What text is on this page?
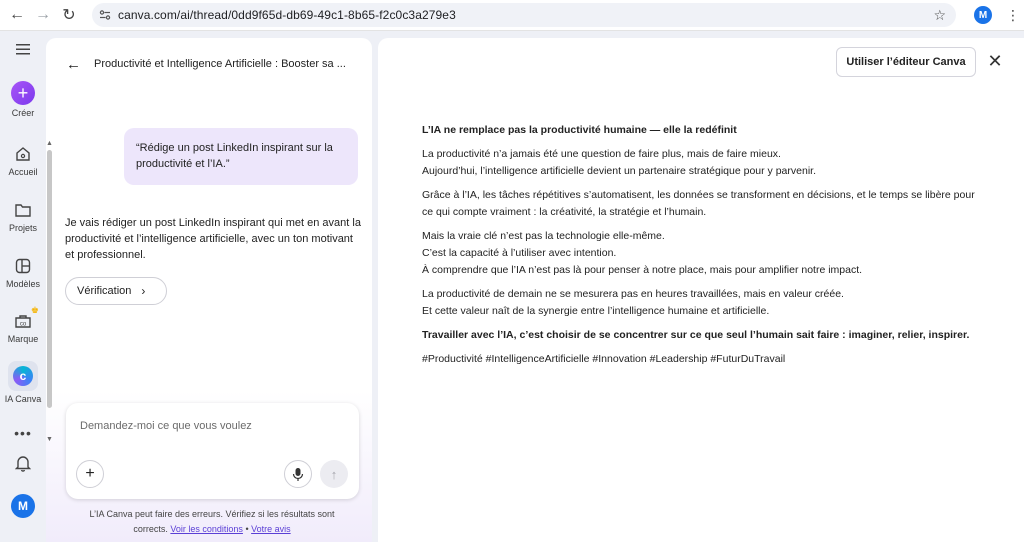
← → ↻	canva.com/ai/thread/0dd9f65d-db69-49c1-8b65-f2c0c3a279e3	☆	M	⋮
+
Créer
Accueil
Projets
Modèles
co
♚
Marque
c
IA Canva
•••
M
▲
▼
←	Productivité et Intelligence Artificielle : Booster sa ...
“Rédige un post LinkedIn inspirant sur la productivité et l’IA.”
Je vais rédiger un post LinkedIn inspirant qui met en avant la productivité et l’intelligence artificielle, avec un ton motivant et professionnel.
Vérification ›
Demandez-moi ce que vous voulez
+	↑
L’IA Canva peut faire des erreurs. Vérifiez si les résultats sont corrects. Voir les conditions • Votre avis
Utiliser l’éditeur Canva	✕

L’IA ne remplace pas la productivité humaine — elle la redéfinit

La productivité n’a jamais été une question de faire plus, mais de faire mieux.
Aujourd’hui, l’intelligence artificielle devient un partenaire stratégique pour y parvenir.

Grâce à l’IA, les tâches répétitives s’automatisent, les données se transforment en décisions, et le temps se libère pour ce qui compte vraiment : la créativité, la stratégie et l’humain.

Mais la vraie clé n’est pas la technologie elle-même.
C’est la capacité à l’utiliser avec intention.
À comprendre que l’IA n’est pas là pour penser à notre place, mais pour amplifier notre impact.

La productivité de demain ne se mesurera pas en heures travaillées, mais en valeur créée.
Et cette valeur naît de la synergie entre l’intelligence humaine et artificielle.

Travailler avec l’IA, c’est choisir de se concentrer sur ce que seul l’humain sait faire : imaginer, relier, inspirer.

#Productivité #IntelligenceArtificielle #Innovation #Leadership #FuturDuTravail
